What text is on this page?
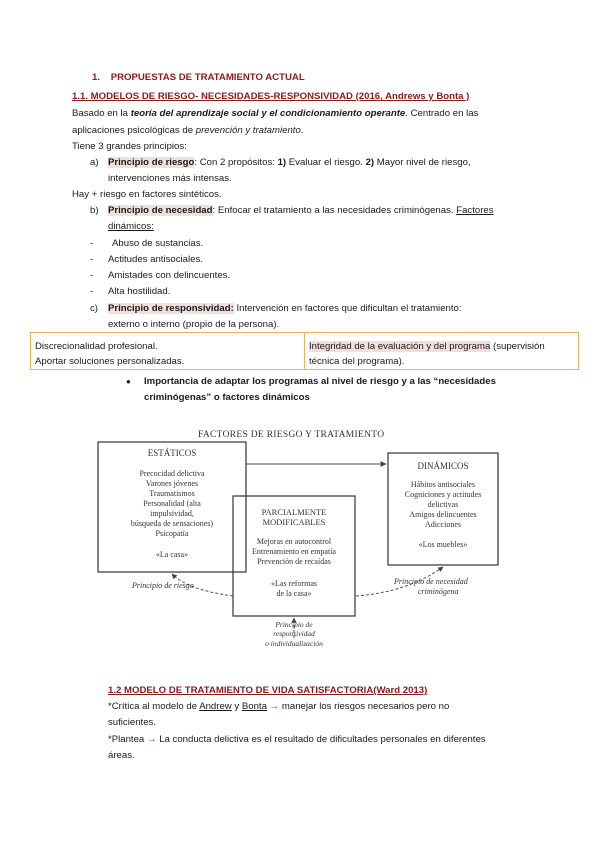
1. PROPUESTAS DE TRATAMIENTO ACTUAL
1.1. MODELOS DE RIESGO- NECESIDADES-RESPONSIVIDAD (2016, Andrews y Bonta )
Basado en la teoría del aprendizaje social y el condicionamiento operante. Centrado en las
aplicaciones psicológicas de prevención y tratamiento.
Tiene 3 grandes principios:
a) Principio de riesgo: Con 2 propósitos: 1) Evaluar el riesgo. 2) Mayor nivel de riesgo,
intervenciones más intensas.
Hay + riesgo en factores sintéticos.
b) Principio de necesidad: Enfocar el tratamiento a las necesidades criminógenas. Factores
dinámicos:
- Abuso de sustancias.
- Actitudes antisociales.
- Amistades con delincuentes.
- Alta hostilidad.
c) Principio de responsividad: Intervención en factores que dificultan el tratamiento:
externo o interno (propio de la persona).
Discrecionalidad profesional.
Aportar soluciones personalizadas.
Integridad de la evaluación y del programa (supervisión
técnica del programa).
● Importancia de adaptar los programas al nivel de riesgo y a las “necesidades
criminógenas” o factores dinámicos
FACTORES DE RIESGO Y TRATAMIENTO
ESTÁTICOS
Precocidad delictiva
Varones jóvenes
Traumatismos
Personalidad (alta
impulsividad,
búsqueda de sensaciones)
Psicopatía
«La casa»
DINÁMICOS
Hábitos antisociales
Cogniciones y actitudes
delictivas
Amigos delincuentes
Adicciones
«Los muebles»
PARCIALMENTE
MODIFICABLES
Mejoras en autocontrol
Entrenamiento en empatía
Prevención de recaídas
«Las reformas
de la casa»
Principio de riesgo	Principio de necesidad
criminógena
Principio de
responsividad
o individualización
1.2 MODELO DE TRATAMIENTO DE VIDA SATISFACTORIA(Ward 2013)
*Crítica al modelo de Andrew y Bonta → manejar los riesgos necesarios pero no
suficientes.
*Plantea → La conducta delictiva es el resultado de dificultades personales en diferentes
áreas.
